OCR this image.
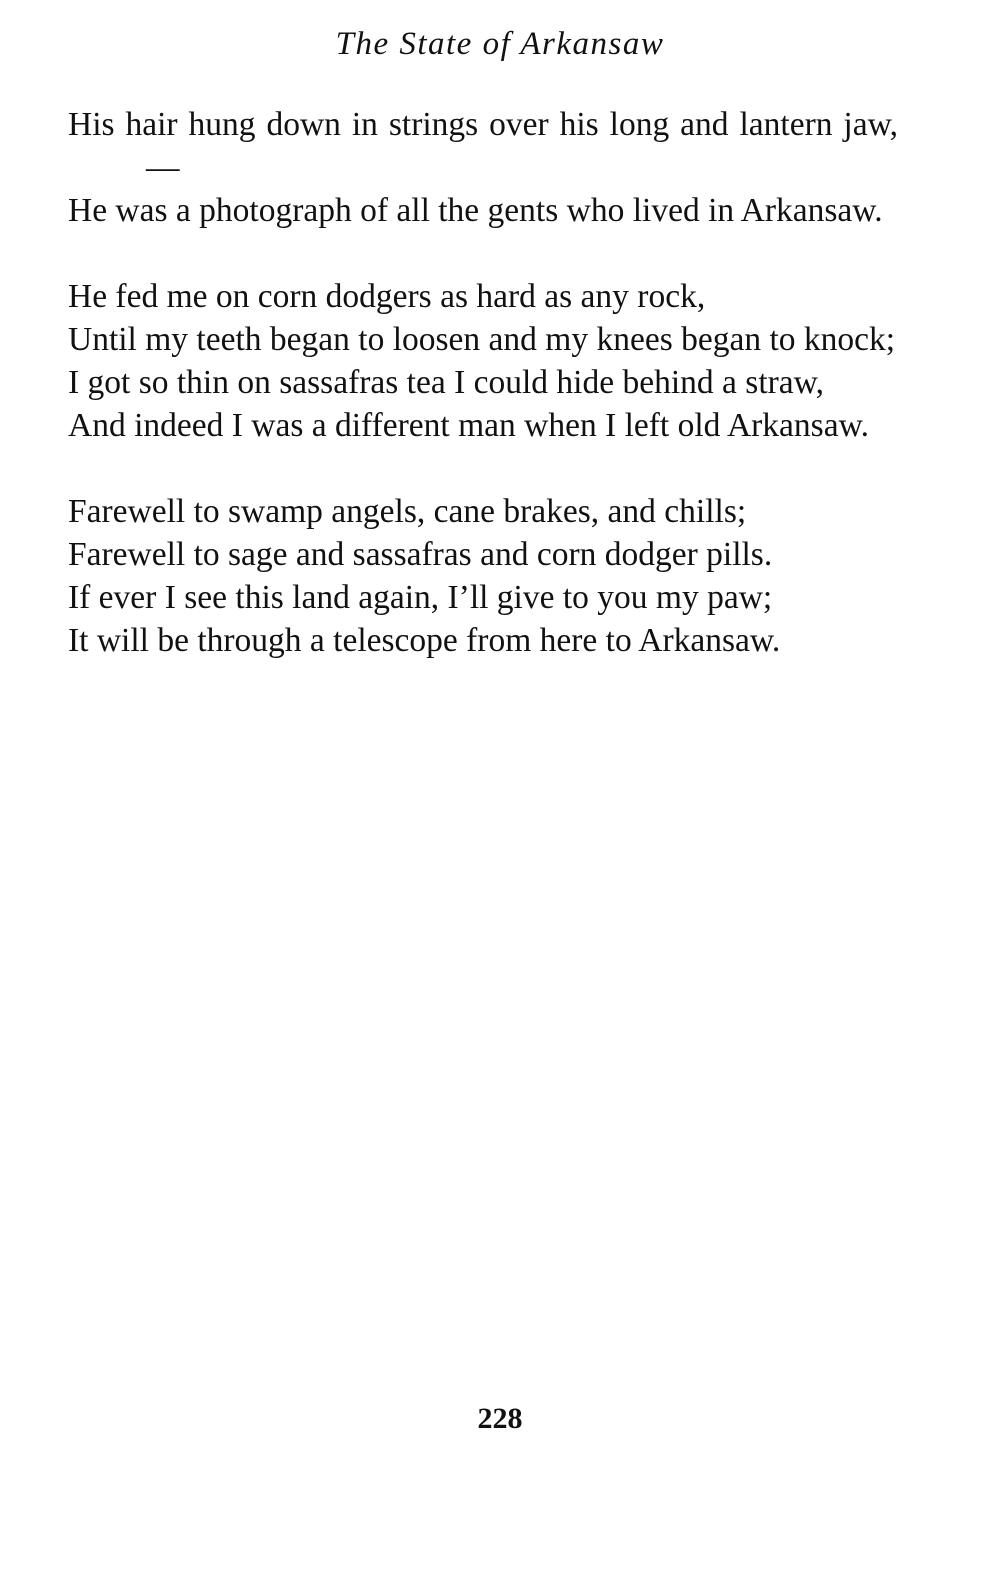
The State of Arkansaw
His hair hung down in strings over his long and lantern jaw,—
He was a photograph of all the gents who lived in Arkansaw.
He fed me on corn dodgers as hard as any rock,
Until my teeth began to loosen and my knees began to knock;
I got so thin on sassafras tea I could hide behind a straw,
And indeed I was a different man when I left old Arkansaw.
Farewell to swamp angels, cane brakes, and chills;
Farewell to sage and sassafras and corn dodger pills.
If ever I see this land again, I’ll give to you my paw;
It will be through a telescope from here to Arkansaw.
228
